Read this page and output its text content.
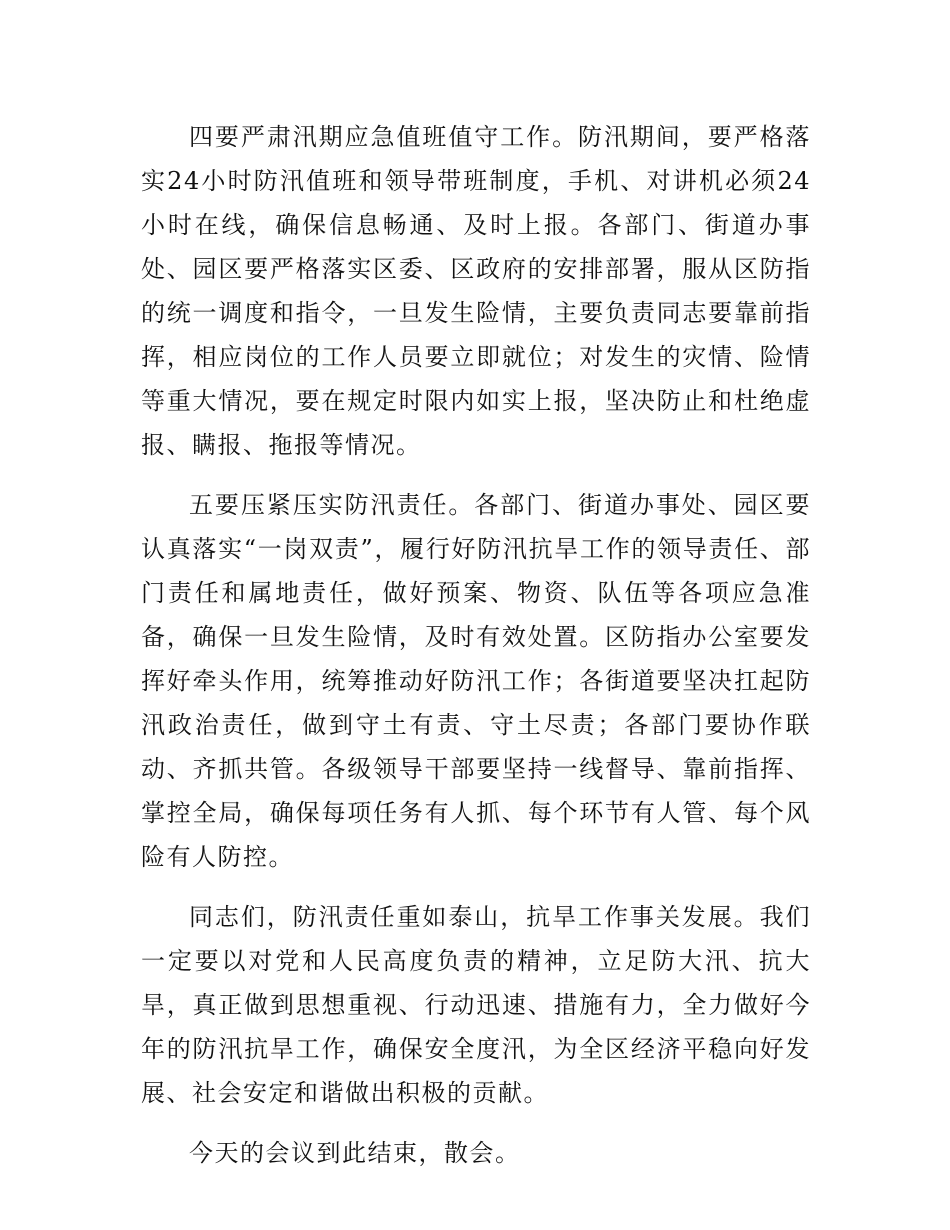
四要严肃汛期应急值班值守工作。防汛期间，要严格落实24小时防汛值班和领导带班制度，手机、对讲机必须24小时在线，确保信息畅通、及时上报。各部门、街道办事处、园区要严格落实区委、区政府的安排部署，服从区防指的统一调度和指令，一旦发生险情，主要负责同志要靠前指挥，相应岗位的工作人员要立即就位；对发生的灾情、险情等重大情况，要在规定时限内如实上报，坚决防止和杜绝虚报、瞒报、拖报等情况。

五要压紧压实防汛责任。各部门、街道办事处、园区要认真落实“一岗双责”，履行好防汛抗旱工作的领导责任、部门责任和属地责任，做好预案、物资、队伍等各项应急准备，确保一旦发生险情，及时有效处置。区防指办公室要发挥好牵头作用，统筹推动好防汛工作；各街道要坚决扛起防汛政治责任，做到守土有责、守土尽责；各部门要协作联动、齐抓共管。各级领导干部要坚持一线督导、靠前指挥、掌控全局，确保每项任务有人抓、每个环节有人管、每个风险有人防控。

同志们，防汛责任重如泰山，抗旱工作事关发展。我们一定要以对党和人民高度负责的精神，立足防大汛、抗大旱，真正做到思想重视、行动迅速、措施有力，全力做好今年的防汛抗旱工作，确保安全度汛，为全区经济平稳向好发展、社会安定和谐做出积极的贡献。

今天的会议到此结束，散会。
